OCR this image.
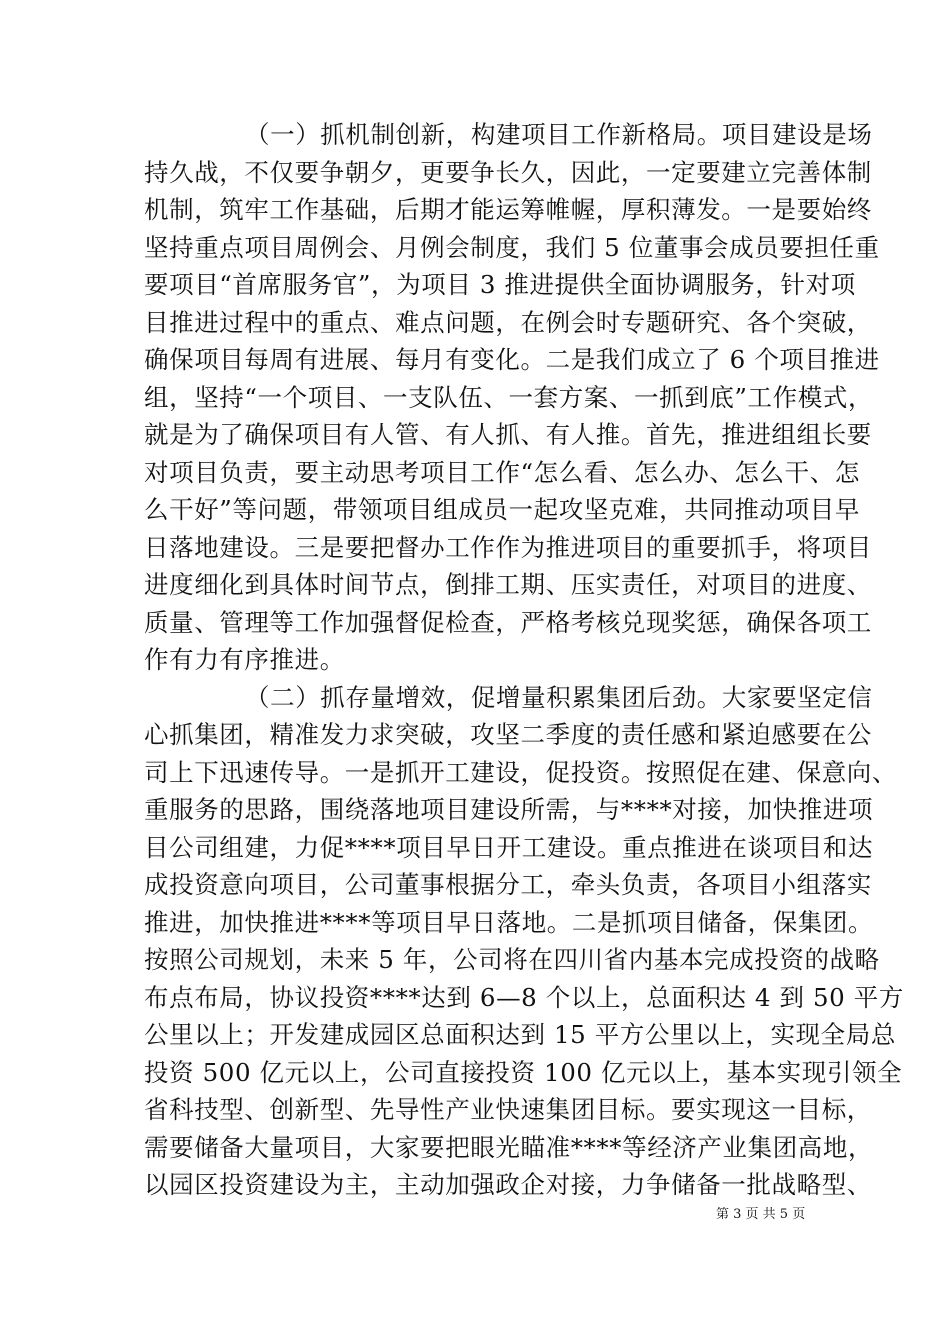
（一）抓机制创新，构建项目工作新格局。项目建设是场
持久战，不仅要争朝夕，更要争长久，因此，一定要建立完善体制
机制，筑牢工作基础，后期才能运筹帷幄，厚积薄发。一是要始终
坚持重点项目周例会、月例会制度，我们 5 位董事会成员要担任重
要项目“首席服务官”，为项目 3 推进提供全面协调服务，针对项
目推进过程中的重点、难点问题，在例会时专题研究、各个突破，
确保项目每周有进展、每月有变化。二是我们成立了 6 个项目推进
组，坚持“一个项目、一支队伍、一套方案、一抓到底”工作模式，
就是为了确保项目有人管、有人抓、有人推。首先，推进组组长要
对项目负责，要主动思考项目工作“怎么看、怎么办、怎么干、怎
么干好”等问题，带领项目组成员一起攻坚克难，共同推动项目早
日落地建设。三是要把督办工作作为推进项目的重要抓手，将项目
进度细化到具体时间节点，倒排工期、压实责任，对项目的进度、
质量、管理等工作加强督促检查，严格考核兑现奖惩，确保各项工
作有力有序推进。
（二）抓存量增效，促增量积累集团后劲。大家要坚定信
心抓集团，精准发力求突破，攻坚二季度的责任感和紧迫感要在公
司上下迅速传导。一是抓开工建设，促投资。按照促在建、保意向、
重服务的思路，围绕落地项目建设所需，与****对接，加快推进项
目公司组建，力促****项目早日开工建设。重点推进在谈项目和达
成投资意向项目，公司董事根据分工，牵头负责，各项目小组落实
推进，加快推进****等项目早日落地。二是抓项目储备，保集团。
按照公司规划，未来 5 年，公司将在四川省内基本完成投资的战略
布点布局，协议投资****达到 6—8 个以上，总面积达 4 到 50 平方
公里以上；开发建成园区总面积达到 15 平方公里以上，实现全局总
投资 500 亿元以上，公司直接投资 100 亿元以上，基本实现引领全
省科技型、创新型、先导性产业快速集团目标。要实现这一目标，
需要储备大量项目，大家要把眼光瞄准****等经济产业集团高地，
以园区投资建设为主，主动加强政企对接，力争储备一批战略型、
第 3 页 共 5 页
